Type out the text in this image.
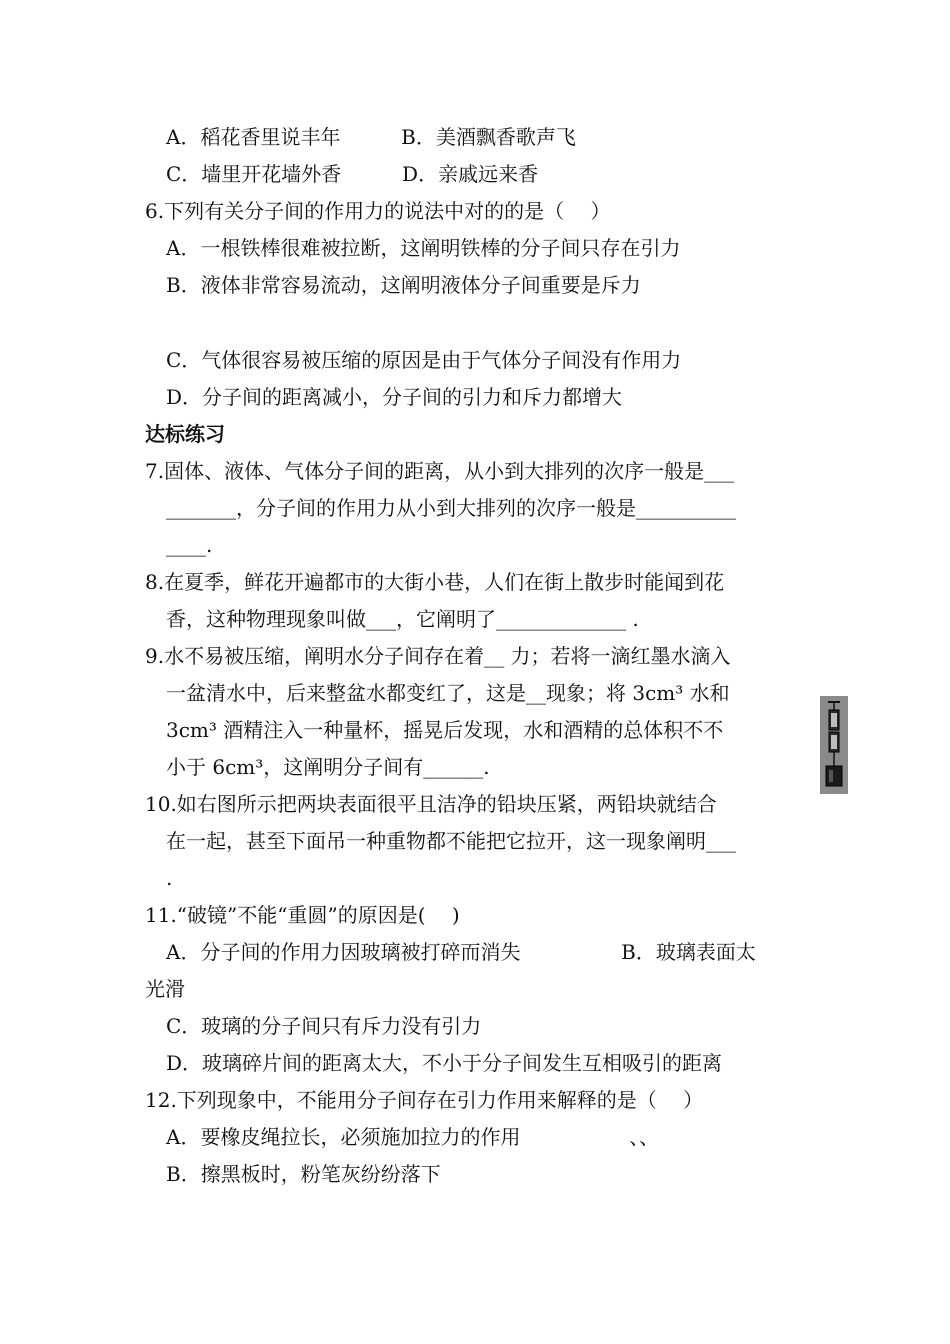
A．稻花香里说丰年	B．美酒飘香歌声飞
C．墙里开花墙外香	D．亲戚远来香
6.下列有关分子间的作用力的说法中对的的是（　 ）
A．一根铁棒很难被拉断，这阐明铁棒的分子间只存在引力
B．液体非常容易流动，这阐明液体分子间重要是斥力
C．气体很容易被压缩的原因是由于气体分子间没有作用力
D．分子间的距离减小，分子间的引力和斥力都增大
达标练习
7.固体、液体、气体分子间的距离，从小到大排列的次序一般是___
_______，分子间的作用力从小到大排列的次序一般是__________
____.
8.在夏季，鲜花开遍都市的大街小巷，人们在街上散步时能闻到花
香，这种物理现象叫做___，它阐明了_____________ .
9.水不易被压缩，阐明水分子间存在着__ 力；若将一滴红墨水滴入
一盆清水中，后来整盆水都变红了，这是__现象；将 3cm³ 水和
3cm³ 酒精注入一种量杯，摇晃后发现，水和酒精的总体积不不
小于 6cm³，这阐明分子间有______.
10.如右图所示把两块表面很平且洁净的铅块压紧，两铅块就结合
在一起，甚至下面吊一种重物都不能把它拉开，这一现象阐明___
.
11.“破镜”不能“重圆”的原因是(　 )
A．分子间的作用力因玻璃被打碎而消失	B．玻璃表面太
光滑
C．玻璃的分子间只有斥力没有引力
D．玻璃碎片间的距离太大，不小于分子间发生互相吸引的距离
12.下列现象中，不能用分子间存在引力作用来解释的是（　 ）
A．要橡皮绳拉长，必须施加拉力的作用	、、
B．擦黑板时，粉笔灰纷纷落下
